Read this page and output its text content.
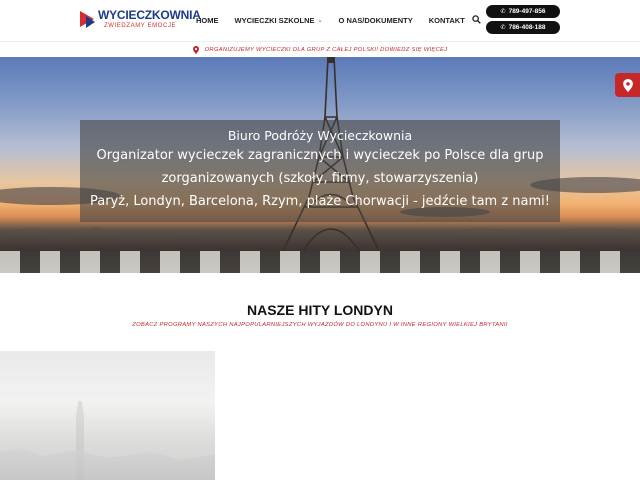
WYCIECZKOWNIA
ZWIEDZAMY EMOCJE
HOME WYCIECZKI SZKOLNE ⌄ O NAS/DOKUMENTY KONTAKT
✆ 789-497-856
✆ 786-408-188
ORGANIZUJEMY WYCIECZKI DLA GRUP Z CAŁEJ POLSKI! DOWIEDZ SIĘ WIĘCEJ
Biuro Podróży Wycieczkownia
Organizator wycieczek zagranicznych i wycieczek po Polsce dla grup
zorganizowanych (szkoły, firmy, stowarzyszenia)
Paryż, Londyn, Barcelona, Rzym, plaże Chorwacji - jedźcie tam z nami!
NASZE HITY LONDYN
ZOBACZ PROGRAMY NASZYCH NAJPOPULARNIEJSZYCH WYJAZDÓW DO LONDYNU I W INNE REGIONY WIELKIEJ BRYTANII
